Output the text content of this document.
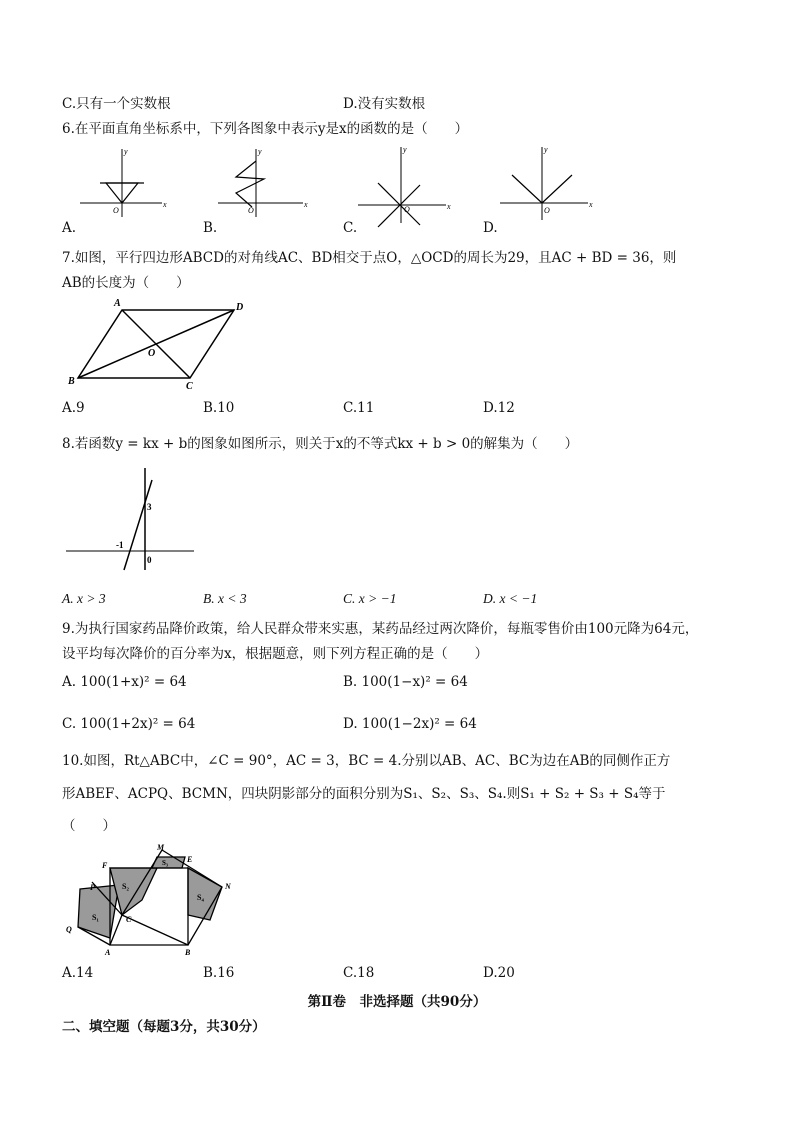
C.只有一个实数根	D.没有实数根
6.在平面直角坐标系中，下列各图象中表示y是x的函数的是（　　）
y
x
O
y
x
O
y
x
O
y
x
O
A.	B.	C.	D.
7.如图，平行四边形ABCD的对角线AC、BD相交于点O，△OCD的周长为29，且AC + BD = 36，则
AB的长度为（　　）
A	D
B	C
O
A.9	B.10	C.11	D.12
8.若函数y = kx + b的图象如图所示，则关于x的不等式kx + b > 0的解集为（　　）
3
-1
0
A. x > 3	B. x < 3	C. x > −1	D. x < −1
9.为执行国家药品降价政策，给人民群众带来实惠，某药品经过两次降价，每瓶零售价由100元降为64元，
设平均每次降价的百分率为x，根据题意，则下列方程正确的是（　　）
A. 100(1+x)² = 64	B. 100(1−x)² = 64
C. 100(1+2x)² = 64	D. 100(1−2x)² = 64
10.如图，Rt△ABC中，∠C = 90°，AC = 3，BC = 4.分别以AB、AC、BC为边在AB的同侧作正方
形ABEF、ACPQ、BCMN，四块阴影部分的面积分别为S₁、S₂、S₃、S₄.则S₁ + S₂ + S₃ + S₄等于
（　　）
M
E
F
N
P
Q
C
A	B
S₁
S₂
S₃
S₄
A.14	B.16	C.18	D.20
第Ⅱ卷　非选择题（共90分）
二、填空题（每题3分，共30分）
